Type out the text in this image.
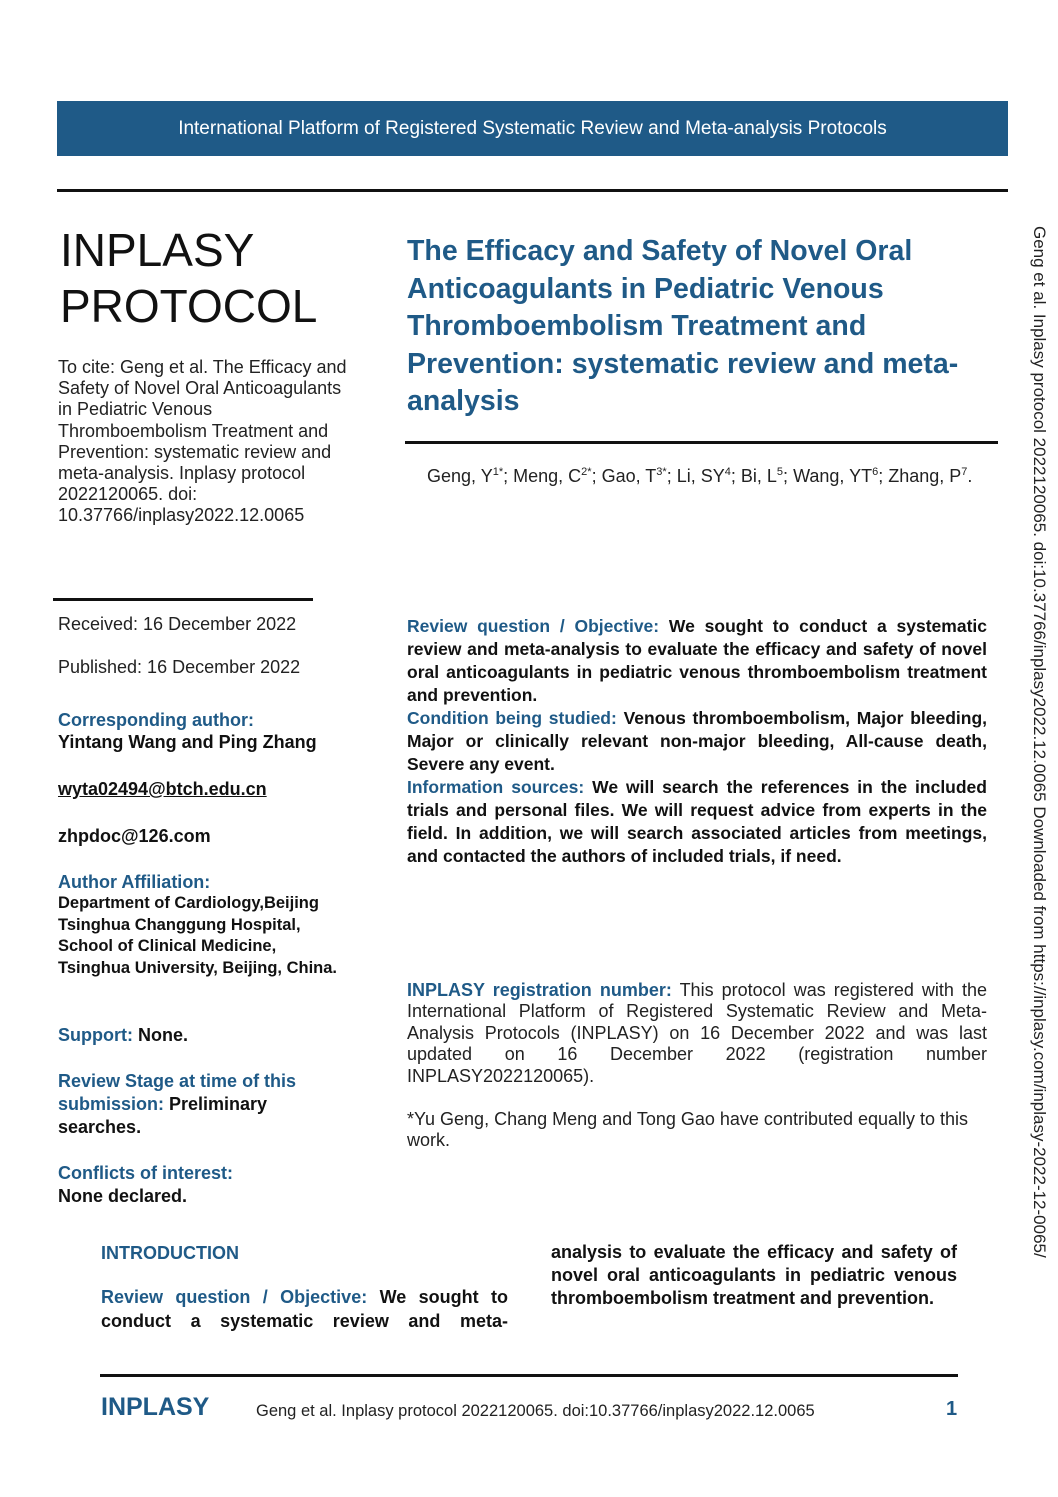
International Platform of Registered Systematic Review and Meta-analysis Protocols
INPLASY
PROTOCOL
To cite: Geng et al. The Efficacy and Safety of Novel Oral Anticoagulants in Pediatric Venous Thromboembolism Treatment and Prevention: systematic review and meta-analysis. Inplasy protocol 2022120065. doi: 10.37766/inplasy2022.12.0065
Received: 16 December 2022
Published: 16 December 2022
Corresponding author:
Yintang Wang and Ping Zhang
wyta02494@btch.edu.cn
zhpdoc@126.com
Author Affiliation:
Department of Cardiology,Beijing Tsinghua Changgung Hospital, School of Clinical Medicine, Tsinghua University, Beijing, China.
Support: None.
Review Stage at time of this submission: Preliminary searches.
Conflicts of interest:
None declared.
The Efficacy and Safety of Novel Oral Anticoagulants in Pediatric Venous Thromboembolism Treatment and Prevention: systematic review and meta-analysis
Geng, $Y^{1*}$; Meng, $C^{2*}$; Gao, $T^{3*}$; Li, $SY^4$; Bi, $L^5$; Wang, $YT^6$; Zhang, $P^7$.

Review question / Objective: We sought to conduct a systematic review and meta-analysis to evaluate the efficacy and safety of novel oral anticoagulants in pediatric venous thromboembolism treatment and prevention.

Condition being studied: Venous thromboembolism, Major bleeding, Major or clinically relevant non-major bleeding, All-cause death, Severe any event.

Information sources: We will search the references in the included trials and personal files. We will request advice from experts in the field. In addition, we will search associated articles from meetings, and contacted the authors of included trials, if need.

INPLASY registration number: This protocol was registered with the International Platform of Registered Systematic Review and Meta-Analysis Protocols (INPLASY) on 16 December 2022 and was last updated on 16 December 2022 (registration number INPLASY2022120065).

*Yu Geng, Chang Meng and Tong Gao have contributed equally to this work.

INTRODUCTION
Review question / Objective: We sought to conduct a systematic review and meta-
analysis to evaluate the efficacy and safety of novel oral anticoagulants in pediatric venous thromboembolism treatment and prevention.
INPLASY	Geng et al. Inplasy protocol 2022120065. doi:10.37766/inplasy2022.12.0065	1
Geng et al. Inplasy protocol 2022120065. doi:10.37766/inplasy2022.12.0065 Downloaded from https://inplasy.com/inplasy-2022-12-0065/
